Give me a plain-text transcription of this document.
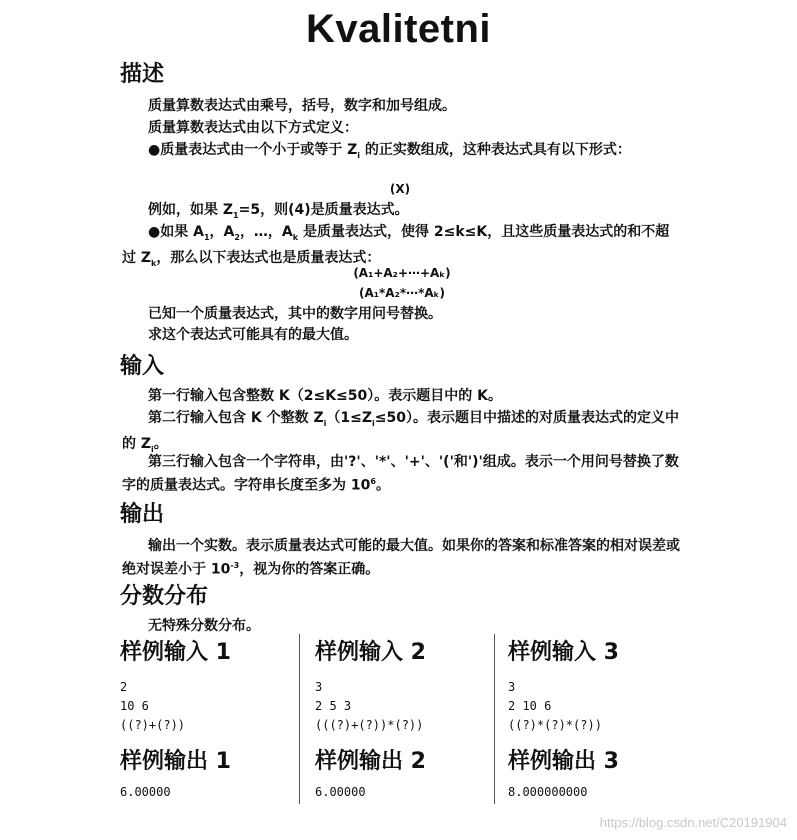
Kvalitetni
描述
质量算数表达式由乘号，括号，数字和加号组成。
质量算数表达式由以下方式定义：
●质量表达式由一个小于或等于 $Z_i$ 的正实数组成，这种表达式具有以下形式：
(X)
例如，如果 $Z_1=5$，则(4)是质量表达式。
●如果 $A_1$，$A_2$，…，$A_k$ 是质量表达式，使得 2≤k≤K，且这些质量表达式的和不超过 $Z_k$，那么以下表达式也是质量表达式：
(A₁+A₂+⋯+Aₖ)
(A₁*A₂*⋯*Aₖ)
已知一个质量表达式，其中的数字用问号替换。
求这个表达式可能具有的最大值。
输入
第一行输入包含整数 K（2≤K≤50）。表示题目中的 K。
第二行输入包含 K 个整数 $Z_i(1\le Z_i\le 50)$。表示题目中描述的对质量表达式的定义中的 $Z_i$。
第三行输入包含一个字符串，由'?'、'*'、'+'、'('和')'组成。表示一个用问号替换了数字的质量表达式。字符串长度至多为 $10^6$。
输出
输出一个实数。表示质量表达式可能的最大值。如果你的答案和标准答案的相对误差或绝对误差小于 $10^{-3}$，视为你的答案正确。
分数分布
无特殊分数分布。
样例输入 1
2
10 6
((?)+(?))
样例输出 1
6.00000
样例输入 2
3
2 5 3
(((?)+(?))*(?))
样例输出 2
6.00000
样例输入 3
3
2 10 6
((?)*(?)*(?))
样例输出 3
8.000000000
https://blog.csdn.net/C20191904
